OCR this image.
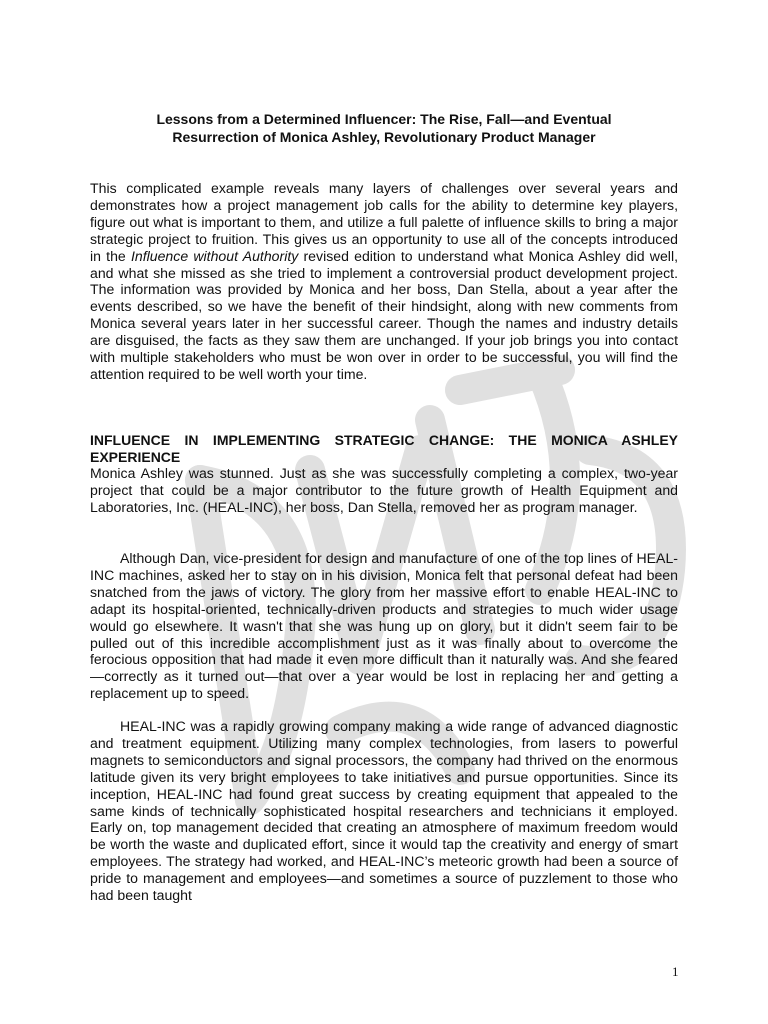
Lessons from a Determined Influencer: The Rise, Fall—and Eventual
Resurrection of Monica Ashley, Revolutionary Product Manager

This complicated example reveals many layers of challenges over several years and demonstrates how a project management job calls for the ability to determine key players, figure out what is important to them, and utilize a full palette of influence skills to bring a major strategic project to fruition. This gives us an opportunity to use all of the concepts introduced in the Influence without Authority revised edition to understand what Monica Ashley did well, and what she missed as she tried to implement a controversial product development project. The information was provided by Monica and her boss, Dan Stella, about a year after the events described, so we have the benefit of their hindsight, along with new comments from Monica several years later in her successful career. Though the names and industry details are disguised, the facts as they saw them are unchanged. If your job brings you into contact with multiple stakeholders who must be won over in order to be successful, you will find the attention required to be well worth your time.

INFLUENCE IN IMPLEMENTING STRATEGIC CHANGE: THE MONICA ASHLEY EXPERIENCE
Monica Ashley was stunned. Just as she was successfully completing a complex, two-year project that could be a major contributor to the future growth of Health Equipment and Laboratories, Inc. (HEAL-INC), her boss, Dan Stella, removed her as program manager.
Although Dan, vice-president for design and manufacture of one of the top lines of HEAL-INC machines, asked her to stay on in his division, Monica felt that personal defeat had been snatched from the jaws of victory. The glory from her massive effort to enable HEAL-INC to adapt its hospital-oriented, technically-driven products and strategies to much wider usage would go elsewhere. It wasn't that she was hung up on glory, but it didn't seem fair to be pulled out of this incredible accomplishment just as it was finally about to overcome the ferocious opposition that had made it even more difficult than it naturally was. And she feared—correctly as it turned out—that over a year would be lost in replacing her and getting a replacement up to speed.
HEAL-INC was a rapidly growing company making a wide range of advanced diagnostic and treatment equipment. Utilizing many complex technologies, from lasers to powerful magnets to semiconductors and signal processors, the company had thrived on the enormous latitude given its very bright employees to take initiatives and pursue opportunities. Since its inception, HEAL-INC had found great success by creating equipment that appealed to the same kinds of technically sophisticated hospital researchers and technicians it employed. Early on, top management decided that creating an atmosphere of maximum freedom would be worth the waste and duplicated effort, since it would tap the creativity and energy of smart employees. The strategy had worked, and HEAL-INC’s meteoric growth had been a source of pride to management and employees—and sometimes a source of puzzlement to those who had been taught
1
